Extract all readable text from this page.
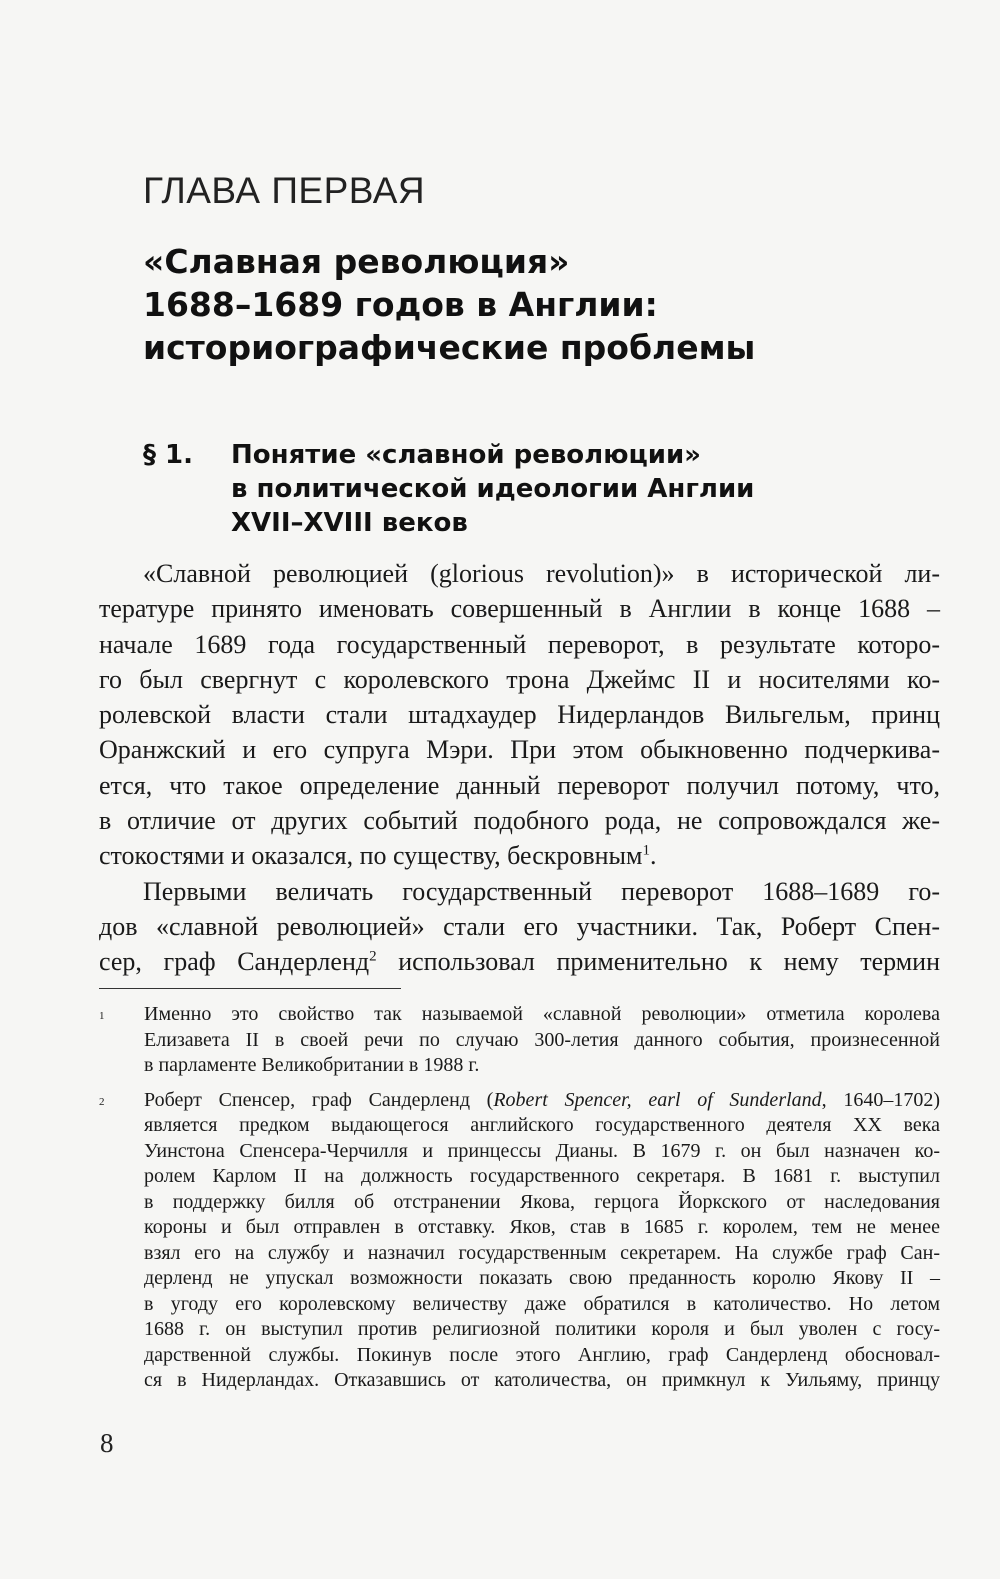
ГЛАВА ПЕРВАЯ
«Славная революция»
1688–1689 годов в Англии:
историографические проблемы
§ 1. Понятие «славной революции»
в политической идеологии Англии
XVII–XVIII веков
«Славной революцией (glorious revolution)» в исторической ли-
тературе принято именовать совершенный в Англии в конце 1688 –
начале 1689 года государственный переворот, в результате которо-
го был свергнут с королевского трона Джеймс II и носителями ко-
ролевской власти стали штадхаудер Нидерландов Вильгельм, принц
Оранжский и его супруга Мэри. При этом обыкновенно подчеркива-
ется, что такое определение данный переворот получил потому, что,
в отличие от других событий подобного рода, не сопровождался же-
стокостями и оказался, по существу, бескровным$^1$.
Первыми величать государственный переворот 1688–1689 го-
дов «славной революцией» стали его участники. Так, Роберт Спен-
сер, граф Сандерленд$^2$ использовал применительно к нему термин
1 Именно это свойство так называемой «славной революции» отметила королева
Елизавета II в своей речи по случаю 300-летия данного события, произнесенной
в парламенте Великобритании в 1988 г.
2 Роберт Спенсер, граф Сандерленд (Robert Spencer, earl of Sunderland, 1640–1702)
является предком выдающегося английского государственного деятеля XX века
Уинстона Спенсера-Черчилля и принцессы Дианы. В 1679 г. он был назначен ко-
ролем Карлом II на должность государственного секретаря. В 1681 г. выступил
в поддержку билля об отстранении Якова, герцога Йоркского от наследования
короны и был отправлен в отставку. Яков, став в 1685 г. королем, тем не менее
взял его на службу и назначил государственным секретарем. На службе граф Сан-
дерленд не упускал возможности показать свою преданность королю Якову II –
в угоду его королевскому величеству даже обратился в католичество. Но летом
1688 г. он выступил против религиозной политики короля и был уволен с госу-
дарственной службы. Покинув после этого Англию, граф Сандерленд обосновал-
ся в Нидерландах. Отказавшись от католичества, он примкнул к Уильяму, принцу
8
